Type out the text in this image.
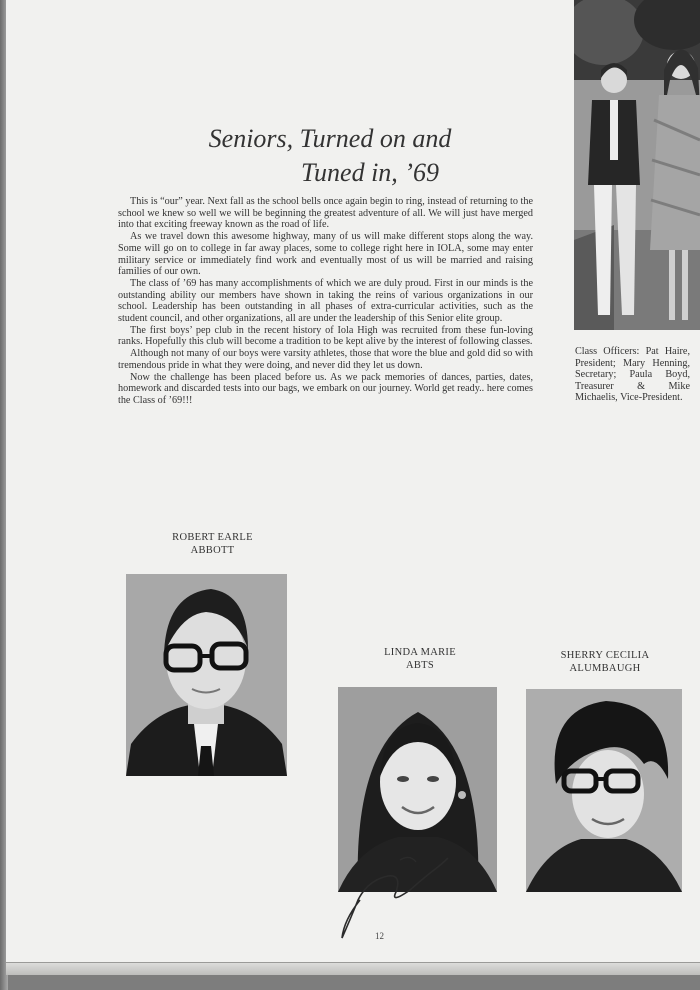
Seniors, Turned on and
Tuned in, ’69

This is “our” year. Next fall as the school bells once again begin to ring, instead of returning to the school we knew so well we will be beginning the greatest adventure of all. We will just have merged into that exciting freeway known as the road of life.

As we travel down this awesome highway, many of us will make different stops along the way. Some will go on to college in far away places, some to college right here in IOLA, some may enter military service or immediately find work and eventually most of us will be married and raising families of our own.

The class of ’69 has many accomplishments of which we are duly proud. First in our minds is the outstanding ability our members have shown in taking the reins of various organizations in our school. Leadership has been outstanding in all phases of extra-curricular activities, such as the student council, and other organizations, all are under the leadership of this Senior elite group.

The first boys’ pep club in the recent history of Iola High was recruited from these fun-loving ranks. Hopefully this club will become a tradition to be kept alive by the interest of following classes.

Although not many of our boys were varsity athletes, those that wore the blue and gold did so with tremendous pride in what they were doing, and never did they let us down.

Now the challenge has been placed before us. As we pack memories of dances, parties, dates, homework and discarded tests into our bags, we embark on our journey. World get ready.. here comes the Class of ’69!!!

Class Officers: Pat Haire, President; Mary Henning, Secretary; Paula Boyd, Treasurer & Mike Michaelis, Vice-President.
ROBERT EARLE
ABBOTT
LINDA MARIE
ABTS
SHERRY CECILIA
ALUMBAUGH
12
